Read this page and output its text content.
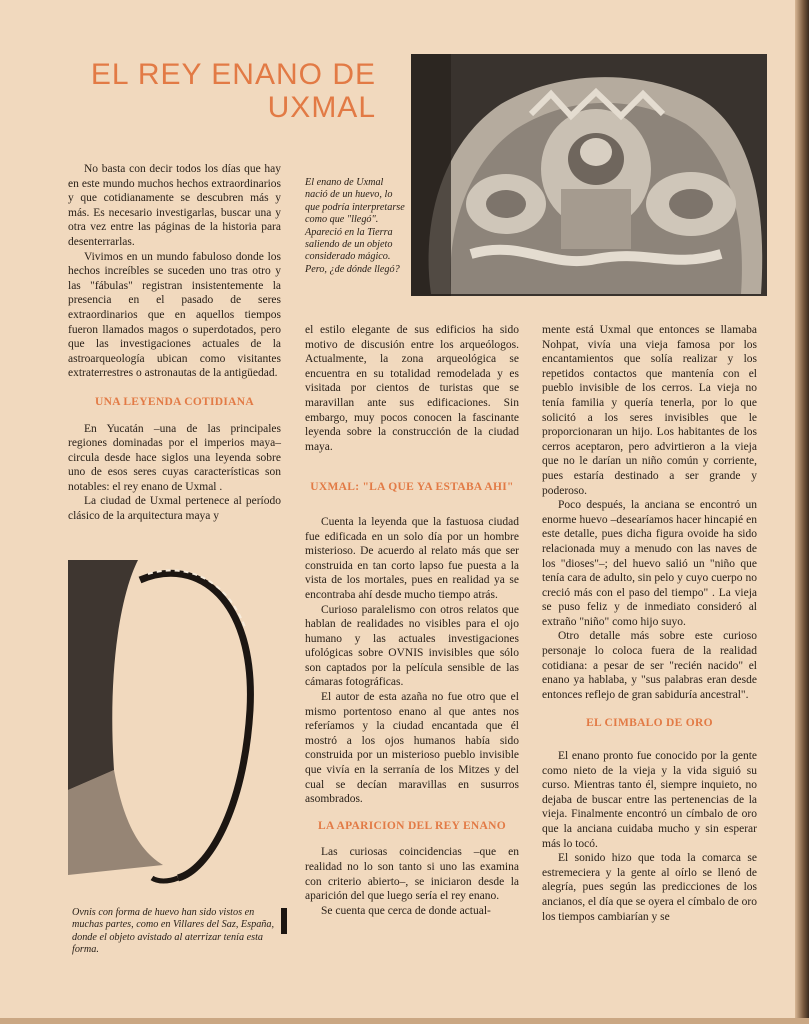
EL REY ENANO DE
UXMAL
El enano de Uxmal nació de un huevo, lo que podría interpretarse como que "llegó". Apareció en la Tierra saliendo de un objeto considerado mágico. Pero, ¿de dónde llegó?
Ovnis con forma de huevo han sido vistos en muchas partes, como en Villares del Saz, España, donde el objeto avistado al aterrizar tenía esta forma.

No basta con decir todos los días que hay en este mundo muchos hechos extraordinarios y que cotidianamente se descubren más y más. Es necesario investigarlas, buscar una y otra vez entre las páginas de la historia para desenterrarlas.

Vivimos en un mundo fabuloso donde los hechos increíbles se suceden uno tras otro y las "fábulas" registran insistentemente la presencia en el pasado de seres extraordinarios que en aquellos tiempos fueron llamados magos o superdotados, pero que las investigaciones actuales de la astroarqueología ubican como visitantes extraterrestres o astronautas de la antigüedad.

UNA LEYENDA COTIDIANA

En Yucatán –una de las principales regiones dominadas por el imperios maya– circula desde hace siglos una leyenda sobre uno de esos seres cuyas características son notables: el rey enano de Uxmal .

La ciudad de Uxmal pertenece al período clásico de la arquitectura maya y

el estilo elegante de sus edificios ha sido motivo de discusión entre los arqueólogos. Actualmente, la zona arqueológica se encuentra en su totalidad remodelada y es visitada por cientos de turistas que se maravillan ante sus edificaciones. Sin embargo, muy pocos conocen la fascinante leyenda sobre la construcción de la ciudad maya.

UXMAL: "LA QUE YA ESTABA AHI"

Cuenta la leyenda que la fastuosa ciudad fue edificada en un solo día por un hombre misterioso. De acuerdo al relato más que ser construida en tan corto lapso fue puesta a la vista de los mortales, pues en realidad ya se encontraba ahí desde mucho tiempo atrás.

Curioso paralelismo con otros relatos que hablan de realidades no visibles para el ojo humano y las actuales investigaciones ufológicas sobre OVNIS invisibles que sólo son captados por la película sensible de las cámaras fotográficas.

El autor de esta azaña no fue otro que el mismo portentoso enano al que antes nos referíamos y la ciudad encantada que él mostró a los ojos humanos había sido construida por un misterioso pueblo invisible que vivía en la serranía de los Mitzes y del cual se decían maravillas en susurros asombrados.

LA APARICION DEL REY ENANO

Las curiosas coincidencias –que en realidad no lo son tanto si uno las examina con criterio abierto–, se iniciaron desde la aparición del que luego sería el rey enano.

Se cuenta que cerca de donde actual-

mente está Uxmal que entonces se llamaba Nohpat, vivía una vieja famosa por los encantamientos que solía realizar y los repetidos contactos que mantenía con el pueblo invisible de los cerros. La vieja no tenía familia y quería tenerla, por lo que solicitó a los seres invisibles que le proporcionaran un hijo. Los habitantes de los cerros aceptaron, pero advirtieron a la vieja que no le darían un niño común y corriente, pues estaría destinado a ser grande y poderoso.

Poco después, la anciana se encontró un enorme huevo –desearíamos hacer hincapié en este detalle, pues dicha figura ovoide ha sido relacionada muy a menudo con las naves de los "dioses"–; del huevo salió un "niño que tenía cara de adulto, sin pelo y cuyo cuerpo no creció más con el paso del tiempo" . La vieja se puso feliz y de inmediato consideró al extraño "niño" como hijo suyo.

Otro detalle más sobre este curioso personaje lo coloca fuera de la realidad cotidiana: a pesar de ser "recién nacido" el enano ya hablaba, y "sus palabras eran desde entonces reflejo de gran sabiduría ancestral".

EL CIMBALO DE ORO

El enano pronto fue conocido por la gente como nieto de la vieja y la vida siguió su curso. Mientras tanto él, siempre inquieto, no dejaba de buscar entre las pertenencias de la vieja. Finalmente encontró un címbalo de oro que la anciana cuidaba mucho y sin esperar más lo tocó.

El sonido hizo que toda la comarca se estremeciera y la gente al oírlo se llenó de alegría, pues según las predicciones de los ancianos, el día que se oyera el címbalo de oro los tiempos cambiarían y se
